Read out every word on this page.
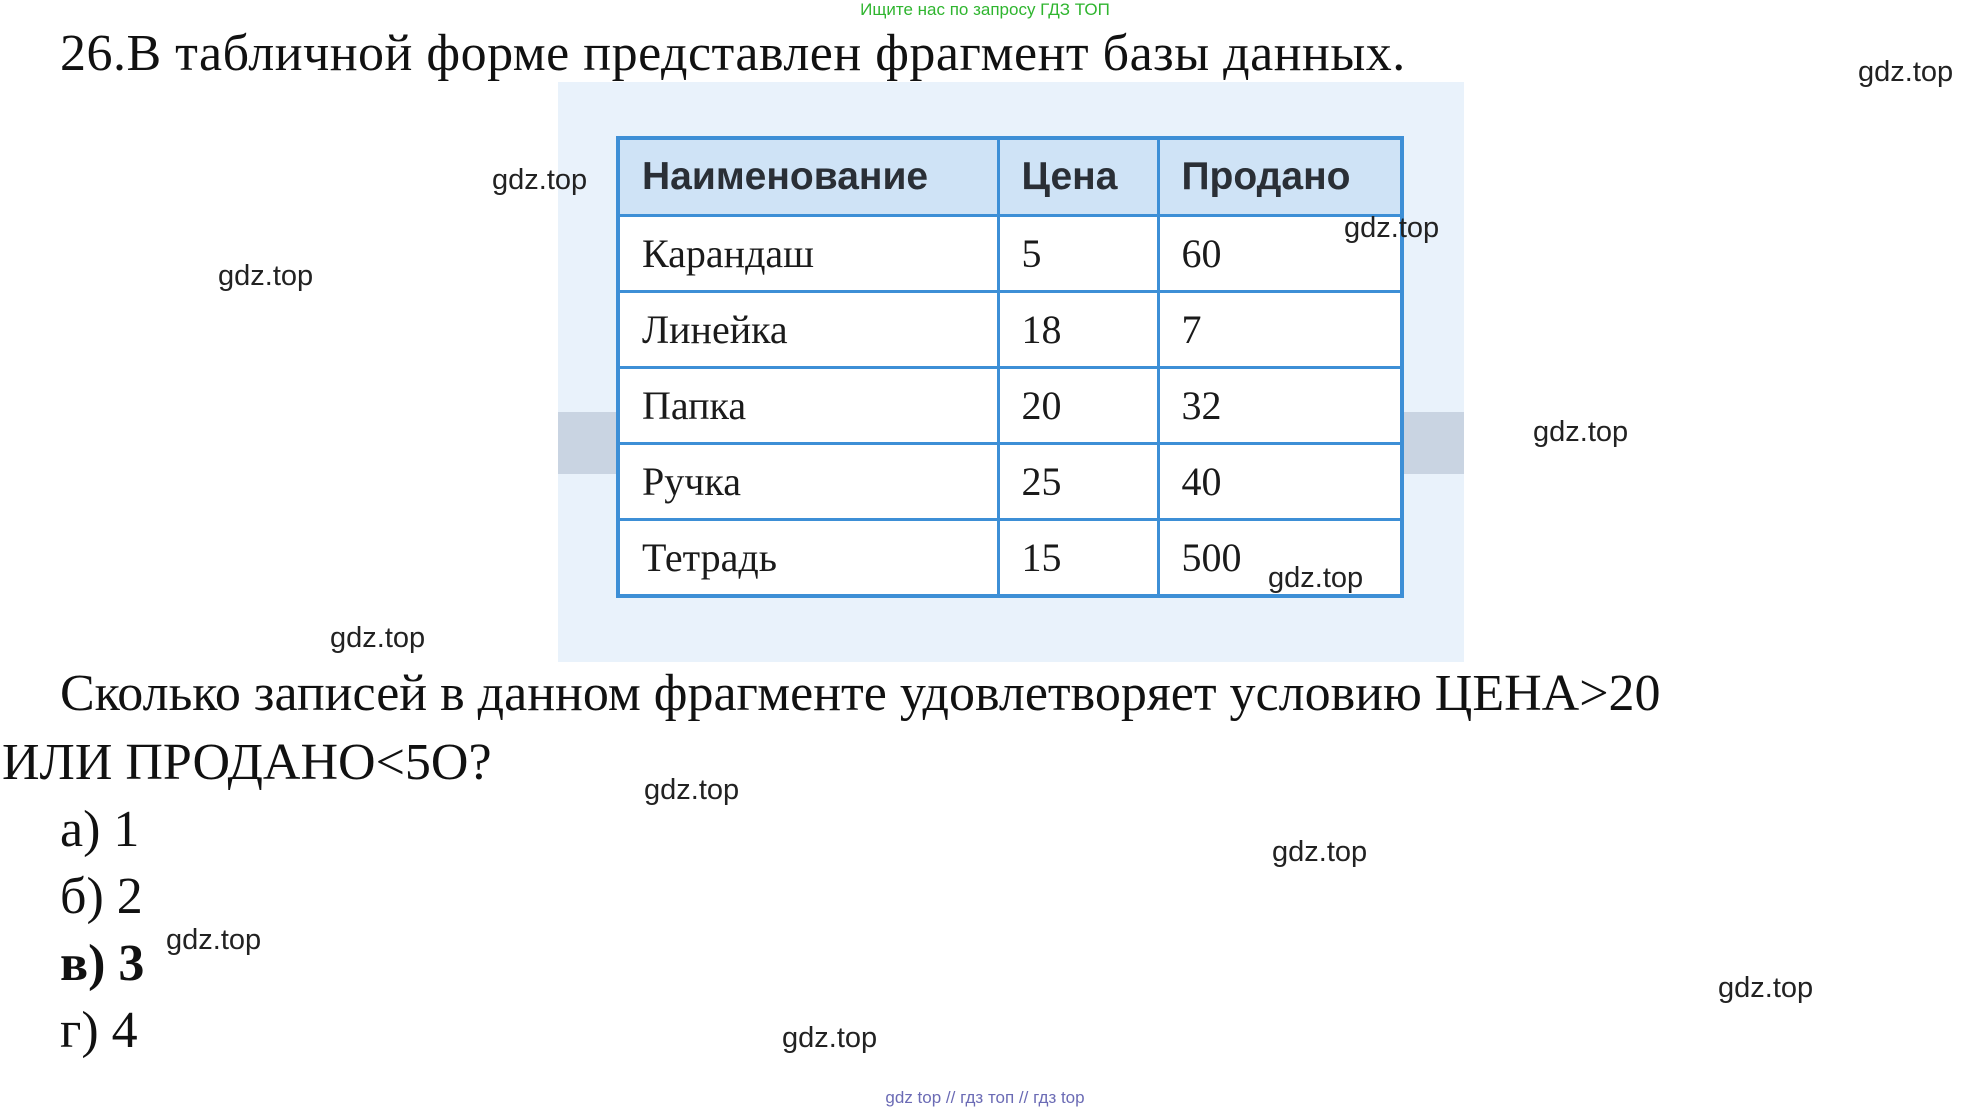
Ищите нас по запросу ГДЗ ТОП
26.В табличной форме представлен фрагмент базы данных.
Наименование	Цена	Продано
Карандаш	5	60
Линейка	18	7
Папка	20	32
Ручка	25	40
Тетрадь	15	500
Сколько записей в данном фрагменте удовлетворяет условию ЦЕНА>20
ИЛИ ПРОДАНО<5О?
а) 1
б) 2
в) 3
г) 4
gdz.top
gdz.top
gdz.top
gdz.top
gdz.top
gdz.top
gdz.top
gdz.top
gdz.top
gdz.top
gdz.top
gdz.top
gdz top // гдз топ // гдз top
